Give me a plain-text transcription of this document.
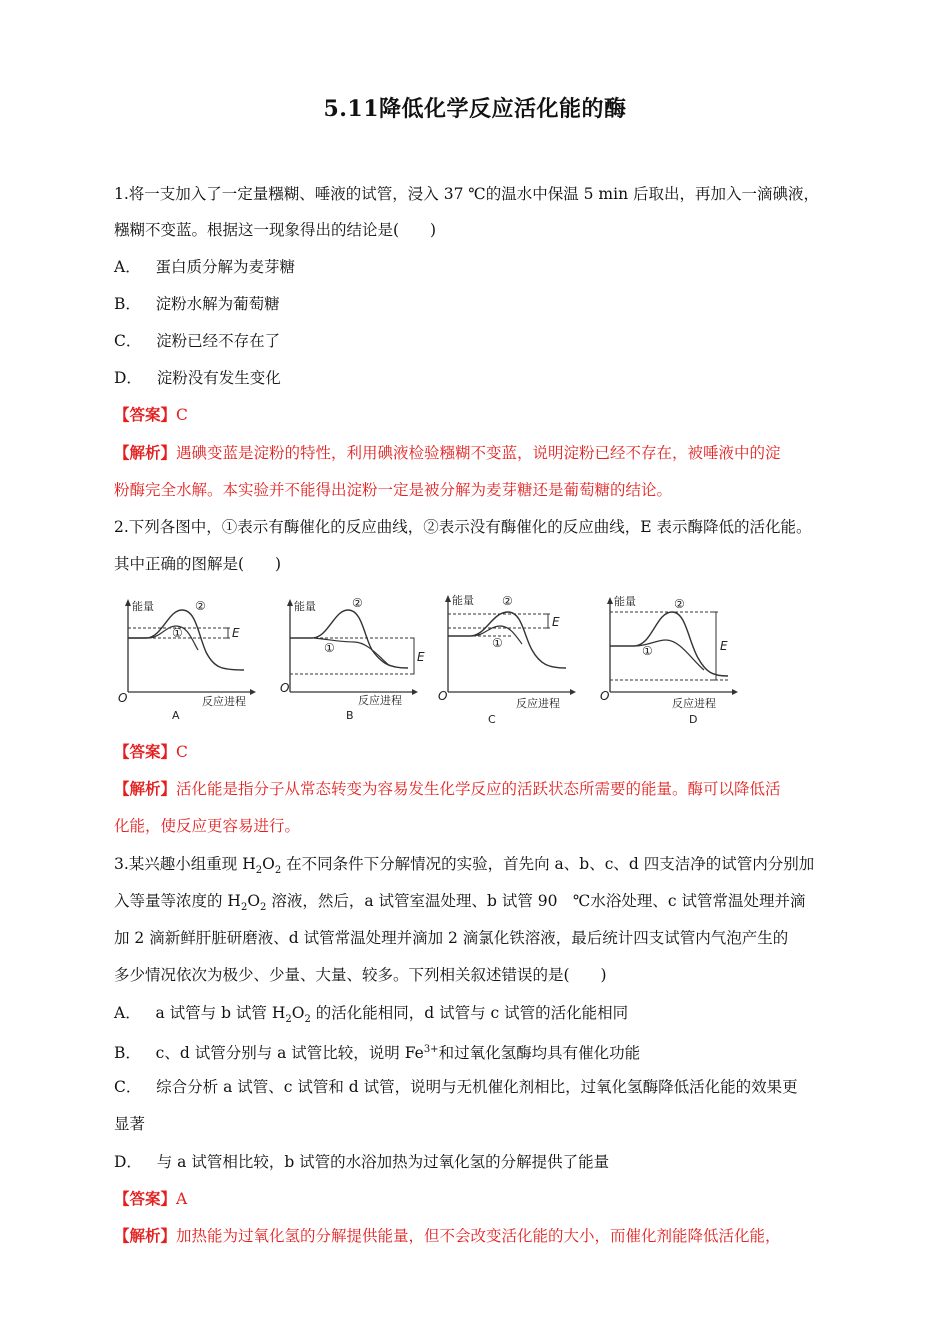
5.11降低化学反应活化能的酶
1.将一支加入了一定量糨糊、唾液的试管，浸入 37 ℃的温水中保温 5 min 后取出，再加入一滴碘液，
糨糊不变蓝。根据这一现象得出的结论是(　　)
A． 蛋白质分解为麦芽糖
B． 淀粉水解为葡萄糖
C． 淀粉已经不存在了
D． 淀粉没有发生变化
【答案】C
【解析】遇碘变蓝是淀粉的特性，利用碘液检验糨糊不变蓝，说明淀粉已经不存在，被唾液中的淀
粉酶完全水解。本实验并不能得出淀粉一定是被分解为麦芽糖还是葡萄糖的结论。
2.下列各图中，①表示有酶催化的反应曲线，②表示没有酶催化的反应曲线，E 表示酶降低的活化能。
其中正确的图解是(　　)
能量	②
①	E
O	反应进程
A
能量	②
①
E
O
反应进程
B
能量 ②
①
E
O
反应进程
C
能量	②
①	E
O
反应进程
D
【答案】C
【解析】活化能是指分子从常态转变为容易发生化学反应的活跃状态所需要的能量。酶可以降低活
化能，使反应更容易进行。
3.某兴趣小组重现 $H_2O_2$ 在不同条件下分解情况的实验，首先向 a、b、c、d 四支洁净的试管内分别加
入等量等浓度的 $H_2O_2$ 溶液，然后，a 试管室温处理、b 试管 90　℃水浴处理、c 试管常温处理并滴
加 2 滴新鲜肝脏研磨液、d 试管常温处理并滴加 2 滴氯化铁溶液，最后统计四支试管内气泡产生的
多少情况依次为极少、少量、大量、较多。下列相关叙述错误的是(　　)
A． a 试管与 b 试管 $H_2O_2$ 的活化能相同，d 试管与 c 试管的活化能相同
B． c、d 试管分别与 a 试管比较，说明 $Fe^{3+}$和过氧化氢酶均具有催化功能
C． 综合分析 a 试管、c 试管和 d 试管，说明与无机催化剂相比，过氧化氢酶降低活化能的效果更
显著
D． 与 a 试管相比较，b 试管的水浴加热为过氧化氢的分解提供了能量
【答案】A
【解析】加热能为过氧化氢的分解提供能量，但不会改变活化能的大小，而催化剂能降低活化能，
